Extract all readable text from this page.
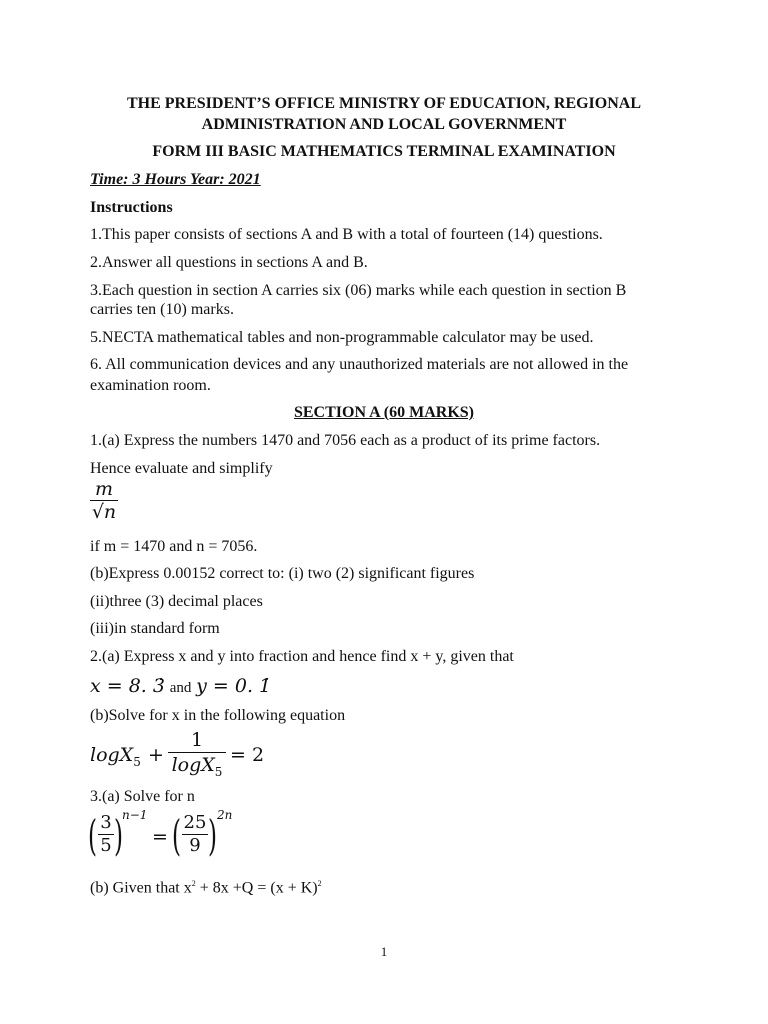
THE PRESIDENT’S OFFICE MINISTRY OF EDUCATION, REGIONAL
ADMINISTRATION AND LOCAL GOVERNMENT
FORM III BASIC MATHEMATICS TERMINAL EXAMINATION
Time: 3 Hours Year: 2021
Instructions
1.This paper consists of sections A and B with a total of fourteen (14) questions.
2.Answer all questions in sections A and B.
3.Each question in section A carries six (06) marks while each question in section B
carries ten (10) marks.
5.NECTA mathematical tables and non-programmable calculator may be used.
6. All communication devices and any unauthorized materials are not allowed in the
examination room.
SECTION A (60 MARKS)
1.(a) Express the numbers 1470 and 7056 each as a product of its prime factors.
Hence evaluate and simplify
m
√n
if m = 1470 and n = 7056.
(b)Express 0.00152 correct to: (i) two (2) significant figures
(ii)three (3) decimal places
(iii)in standard form
2.(a) Express x and y into fraction and hence find x + y, given that
x = 8. 3̇ and y = 0. 1̇
(b)Solve for x in the following equation
logX$_5$ +
1
logX$_5$
= 2
3.(a) Solve for n
( 3
5 )
n−1
= ( 25
9 ) 2n
(b) Given that $x^2 + 8x +Q = (x + K)^2$
1
